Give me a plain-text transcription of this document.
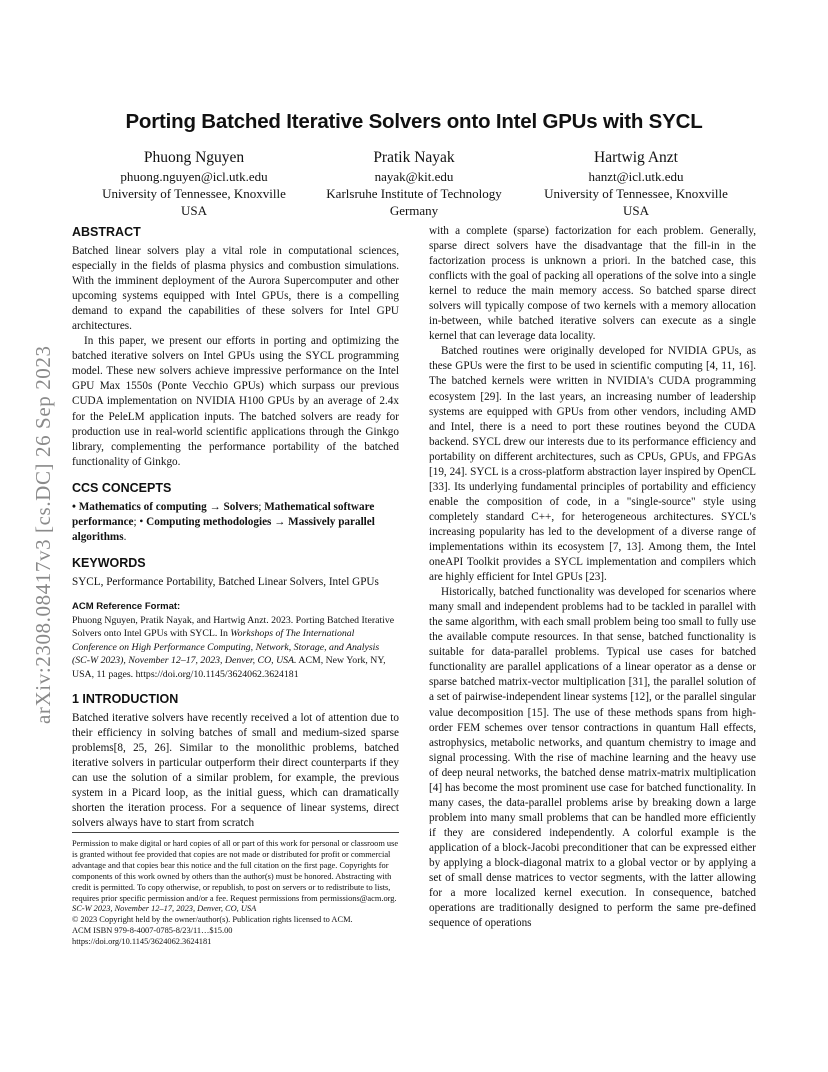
arXiv:2308.08417v3 [cs.DC] 26 Sep 2023
Porting Batched Iterative Solvers onto Intel GPUs with SYCL
Phuong Nguyen
phuong.nguyen@icl.utk.edu
University of Tennessee, Knoxville
USA
Pratik Nayak
nayak@kit.edu
Karlsruhe Institute of Technology
Germany
Hartwig Anzt
hanzt@icl.utk.edu
University of Tennessee, Knoxville
USA
ABSTRACT

Batched linear solvers play a vital role in computational sciences, especially in the fields of plasma physics and combustion simulations. With the imminent deployment of the Aurora Supercomputer and other upcoming systems equipped with Intel GPUs, there is a compelling demand to expand the capabilities of these solvers for Intel GPU architectures.

In this paper, we present our efforts in porting and optimizing the batched iterative solvers on Intel GPUs using the SYCL programming model. These new solvers achieve impressive performance on the Intel GPU Max 1550s (Ponte Vecchio GPUs) which surpass our previous CUDA implementation on NVIDIA H100 GPUs by an average of 2.4x for the PeleLM application inputs. The batched solvers are ready for production use in real-world scientific applications through the Ginkgo library, complementing the performance portability of the batched functionality of Ginkgo.

CCS CONCEPTS

• Mathematics of computing → Solvers; Mathematical software performance; • Computing methodologies → Massively parallel algorithms.

KEYWORDS

SYCL, Performance Portability, Batched Linear Solvers, Intel GPUs

ACM Reference Format:

Phuong Nguyen, Pratik Nayak, and Hartwig Anzt. 2023. Porting Batched Iterative Solvers onto Intel GPUs with SYCL. In Workshops of The International Conference on High Performance Computing, Network, Storage, and Analysis (SC-W 2023), November 12–17, 2023, Denver, CO, USA. ACM, New York, NY, USA, 11 pages. https://doi.org/10.1145/3624062.3624181

1 INTRODUCTION

Batched iterative solvers have recently received a lot of attention due to their efficiency in solving batches of small and medium-sized sparse problems[8, 25, 26]. Similar to the monolithic problems, batched iterative solvers in particular outperform their direct counterparts if they can use the solution of a similar problem, for example, the previous system in a Picard loop, as the initial guess, which can dramatically shorten the iteration process. For a sequence of linear systems, direct solvers always have to start from scratch

Permission to make digital or hard copies of all or part of this work for personal or classroom use is granted without fee provided that copies are not made or distributed for profit or commercial advantage and that copies bear this notice and the full citation on the first page. Copyrights for components of this work owned by others than the author(s) must be honored. Abstracting with credit is permitted. To copy otherwise, or republish, to post on servers or to redistribute to lists, requires prior specific permission and/or a fee. Request permissions from permissions@acm.org.

SC-W 2023, November 12–17, 2023, Denver, CO, USA

© 2023 Copyright held by the owner/author(s). Publication rights licensed to ACM.

ACM ISBN 979-8-4007-0785-8/23/11…$15.00

https://doi.org/10.1145/3624062.3624181

with a complete (sparse) factorization for each problem. Generally, sparse direct solvers have the disadvantage that the fill-in in the factorization process is unknown a priori. In the batched case, this conflicts with the goal of packing all operations of the solve into a single kernel to reduce the main memory access. So batched sparse direct solvers will typically compose of two kernels with a memory allocation in-between, while batched iterative solvers can execute as a single kernel that can leverage data locality.

Batched routines were originally developed for NVIDIA GPUs, as these GPUs were the first to be used in scientific computing [4, 11, 16]. The batched kernels were written in NVIDIA's CUDA programming ecosystem [29]. In the last years, an increasing number of leadership systems are equipped with GPUs from other vendors, including AMD and Intel, there is a need to port these routines beyond the CUDA backend. SYCL drew our interests due to its performance efficiency and portability on different architectures, such as CPUs, GPUs, and FPGAs [19, 24]. SYCL is a cross-platform abstraction layer inspired by OpenCL [33]. Its underlying fundamental principles of portability and efficiency enable the composition of code, in a "single-source" style using completely standard C++, for heterogeneous architectures. SYCL's increasing popularity has led to the development of a diverse range of implementations within its ecosystem [7, 13]. Among them, the Intel oneAPI Toolkit provides a SYCL implementation and compilers which are highly efficient for Intel GPUs [23].

Historically, batched functionality was developed for scenarios where many small and independent problems had to be tackled in parallel with the same algorithm, with each small problem being too small to fully use the available compute resources. In that sense, batched functionality is suitable for data-parallel problems. Typical use cases for batched functionality are parallel applications of a linear operator as a dense or sparse batched matrix-vector multiplication [31], the parallel solution of a set of pairwise-independent linear systems [12], or the parallel singular value decomposition [15]. The use of these methods spans from high-order FEM schemes over tensor contractions in quantum Hall effects, astrophysics, metabolic networks, and quantum chemistry to image and signal processing. With the rise of machine learning and the heavy use of deep neural networks, the batched dense matrix-matrix multiplication [4] has become the most prominent use case for batched functionality. In many cases, the data-parallel problems arise by breaking down a large problem into many small problems that can be handled more efficiently if they are considered independently. A colorful example is the application of a block-Jacobi preconditioner that can be expressed either by applying a block-diagonal matrix to a global vector or by applying a set of small dense matrices to vector segments, with the latter allowing for a more localized kernel execution. In consequence, batched operations are traditionally designed to perform the same pre-defined sequence of operations
